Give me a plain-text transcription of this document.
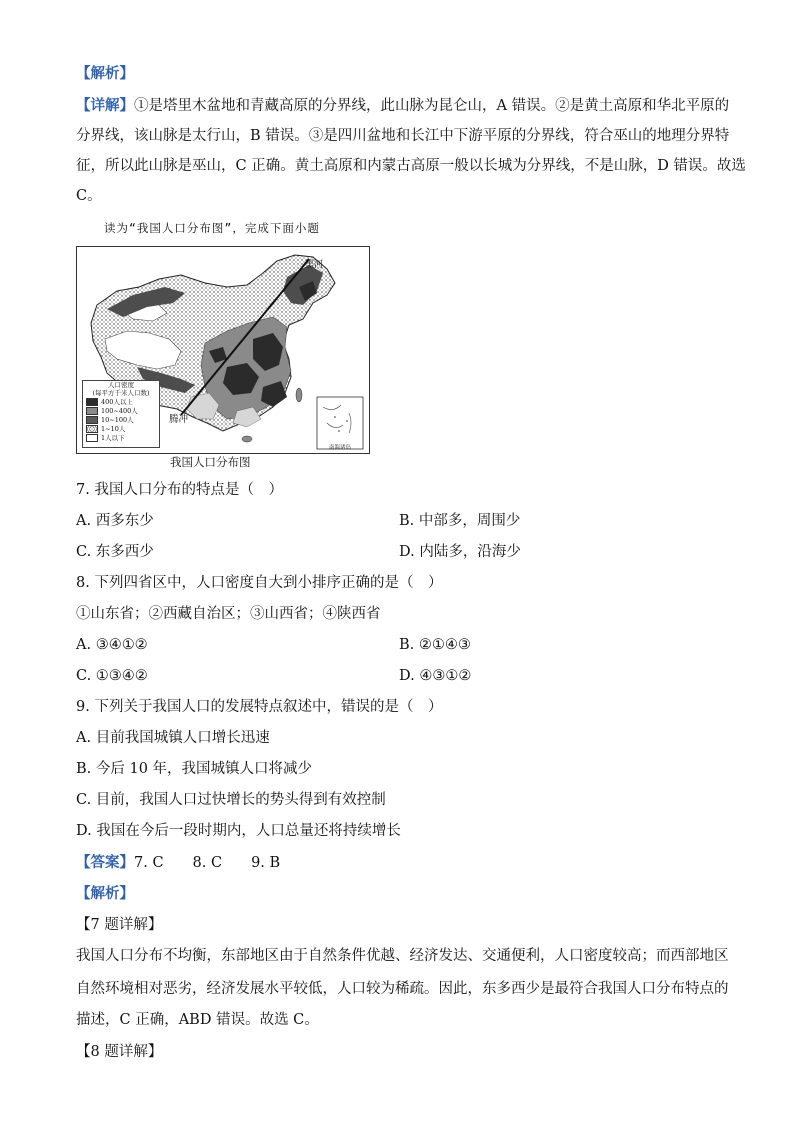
【解析】
【详解】①是塔里木盆地和青藏高原的分界线，此山脉为昆仑山，A 错误。②是黄土高原和华北平原的
分界线，该山脉是太行山，B 错误。③是四川盆地和长江中下游平原的分界线，符合巫山的地理分界特
征，所以此山脉是巫山，C 正确。黄土高原和内蒙古高原一般以长城为分界线，不是山脉，D 错误。故选
C。
读为“我国人口分布图”，完成下面小题
黑河
腾冲
南海诸岛
人口密度
(每平方千米人口数)
400人以上
100~400人
10~100人
1~10人
1人以下
我国人口分布图
7. 我国人口分布的特点是（　）
A. 西多东少	B. 中部多，周围少
C. 东多西少	D. 内陆多，沿海少
8. 下列四省区中，人口密度自大到小排序正确的是（　）
①山东省；②西藏自治区；③山西省；④陕西省
A. ③④①②	B. ②①④③
C. ①③④②	D. ④③①②
9. 下列关于我国人口的发展特点叙述中，错误的是（　）
A. 目前我国城镇人口增长迅速
B. 今后 10 年，我国城镇人口将减少
C. 目前，我国人口过快增长的势头得到有效控制
D. 我国在今后一段时期内，人口总量还将持续增长
【答案】7. C　　8. C　　9. B
【解析】
【7 题详解】
我国人口分布不均衡，东部地区由于自然条件优越、经济发达、交通便利，人口密度较高；而西部地区
自然环境相对恶劣，经济发展水平较低，人口较为稀疏。因此，东多西少是最符合我国人口分布特点的
描述，C 正确，ABD 错误。故选 C。
【8 题详解】
